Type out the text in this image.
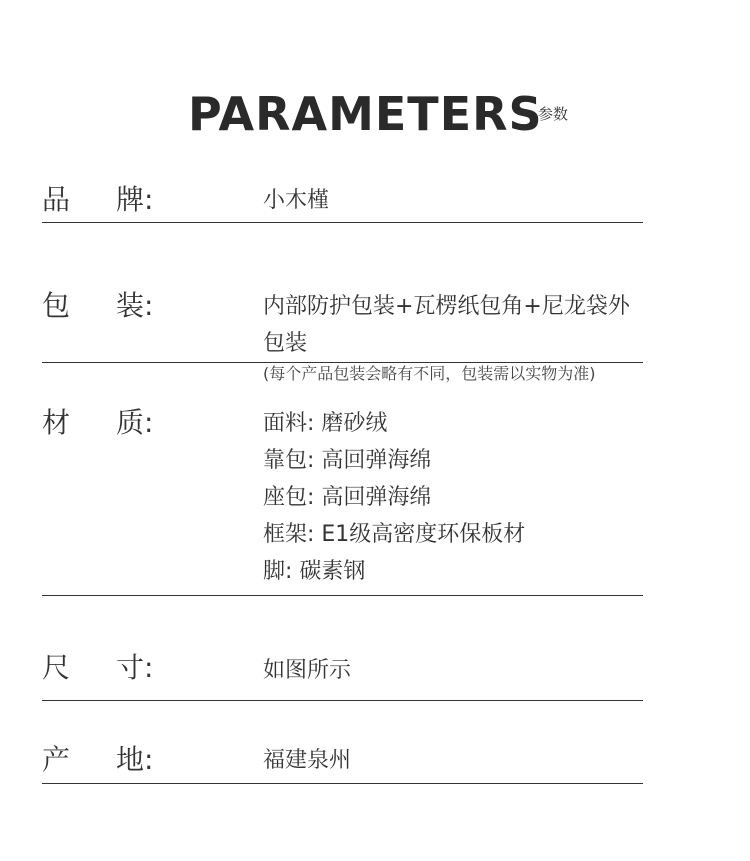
PARAMETERS
参数
品	牌:	小木槿
包	装:	内部防护包装+瓦楞纸包角+尼龙袋外包装
(每个产品包装会略有不同，包装需以实物为准)
材	质:	面料: 磨砂绒
靠包: 高回弹海绵
座包: 高回弹海绵
框架: E1级高密度环保板材
脚: 碳素钢
尺	寸:	如图所示
产	地:	福建泉州
